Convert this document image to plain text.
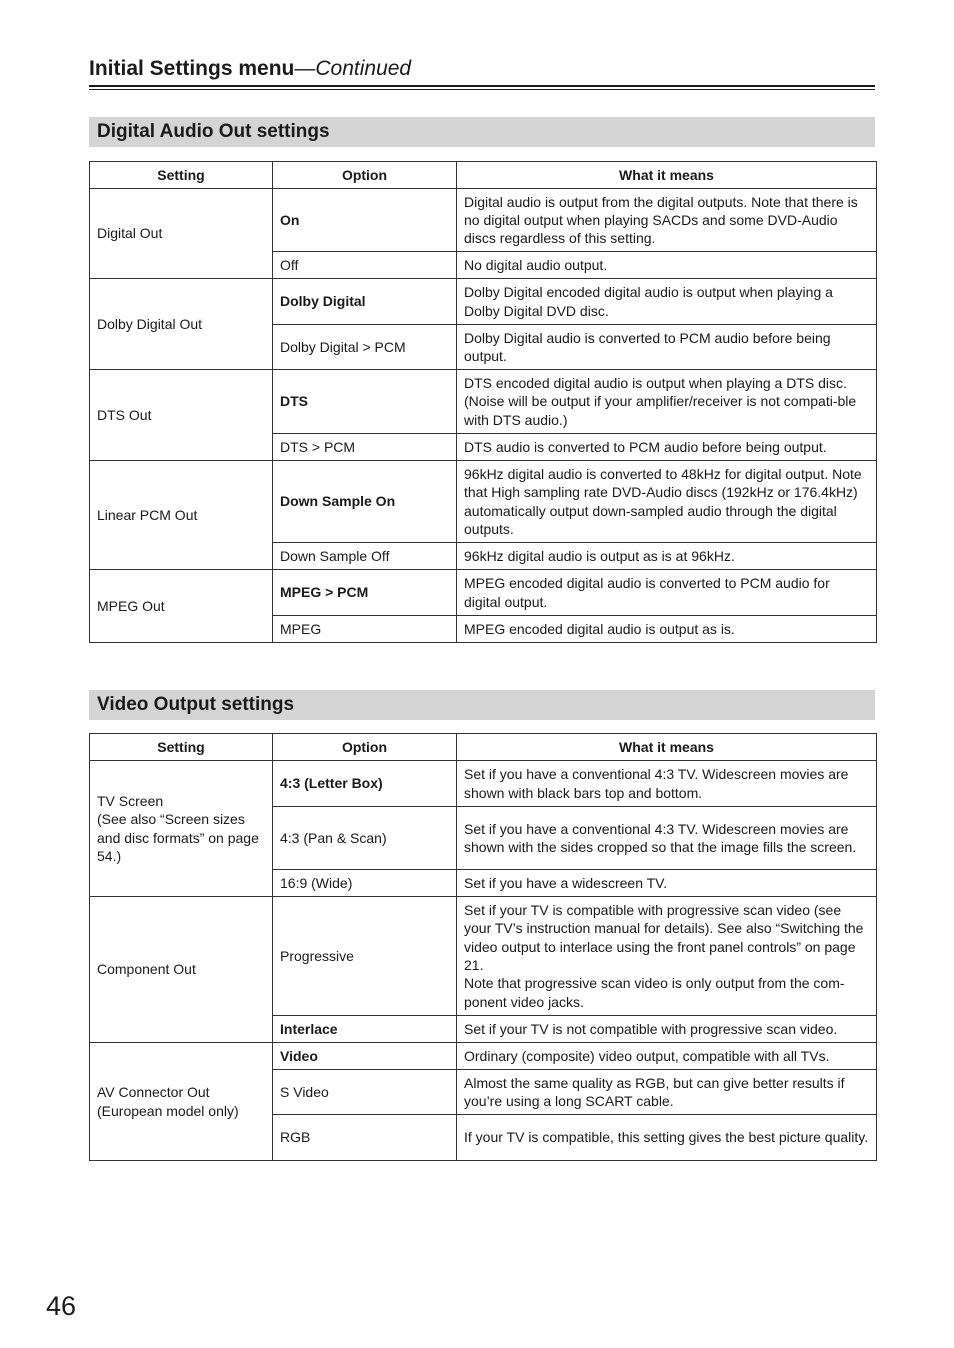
Initial Settings menu—Continued
Digital Audio Out settings
Setting	Option	What it means
Digital Out	On	Digital audio is output from the digital outputs. Note that there is no digital output when playing SACDs and some DVD-Audio discs regardless of this setting.
	Off	No digital audio output.
Dolby Digital Out	Dolby Digital	Dolby Digital encoded digital audio is output when playing a Dolby Digital DVD disc.
	Dolby Digital > PCM	Dolby Digital audio is converted to PCM audio before being output.
DTS Out	DTS	DTS encoded digital audio is output when playing a DTS disc. (Noise will be output if your amplifier/receiver is not compati-ble with DTS audio.)
	DTS > PCM	DTS audio is converted to PCM audio before being output.
Linear PCM Out	Down Sample On	96kHz digital audio is converted to 48kHz for digital output. Note that High sampling rate DVD-Audio discs (192kHz or 176.4kHz) automatically output down-sampled audio through the digital outputs.
	Down Sample Off	96kHz digital audio is output as is at 96kHz.
MPEG Out	MPEG > PCM	MPEG encoded digital audio is converted to PCM audio for digital output.
	MPEG	MPEG encoded digital audio is output as is.
Video Output settings
Setting	Option	What it means
TV Screen
(See also “Screen sizes and disc formats” on page 54.)	4:3 (Letter Box)	Set if you have a conventional 4:3 TV. Widescreen movies are shown with black bars top and bottom.
	4:3 (Pan & Scan)	Set if you have a conventional 4:3 TV. Widescreen movies are shown with the sides cropped so that the image fills the screen.
	16:9 (Wide)	Set if you have a widescreen TV.
Component Out	Progressive	Set if your TV is compatible with progressive scan video (see your TV’s instruction manual for details). See also “Switching the video output to interlace using the front panel controls” on page 21.
Note that progressive scan video is only output from the com-ponent video jacks.
	Interlace	Set if your TV is not compatible with progressive scan video.
AV Connector Out
(European model only)	Video	Ordinary (composite) video output, compatible with all TVs.
	S Video	Almost the same quality as RGB, but can give better results if you’re using a long SCART cable.
	RGB	If your TV is compatible, this setting gives the best picture quality.
46
